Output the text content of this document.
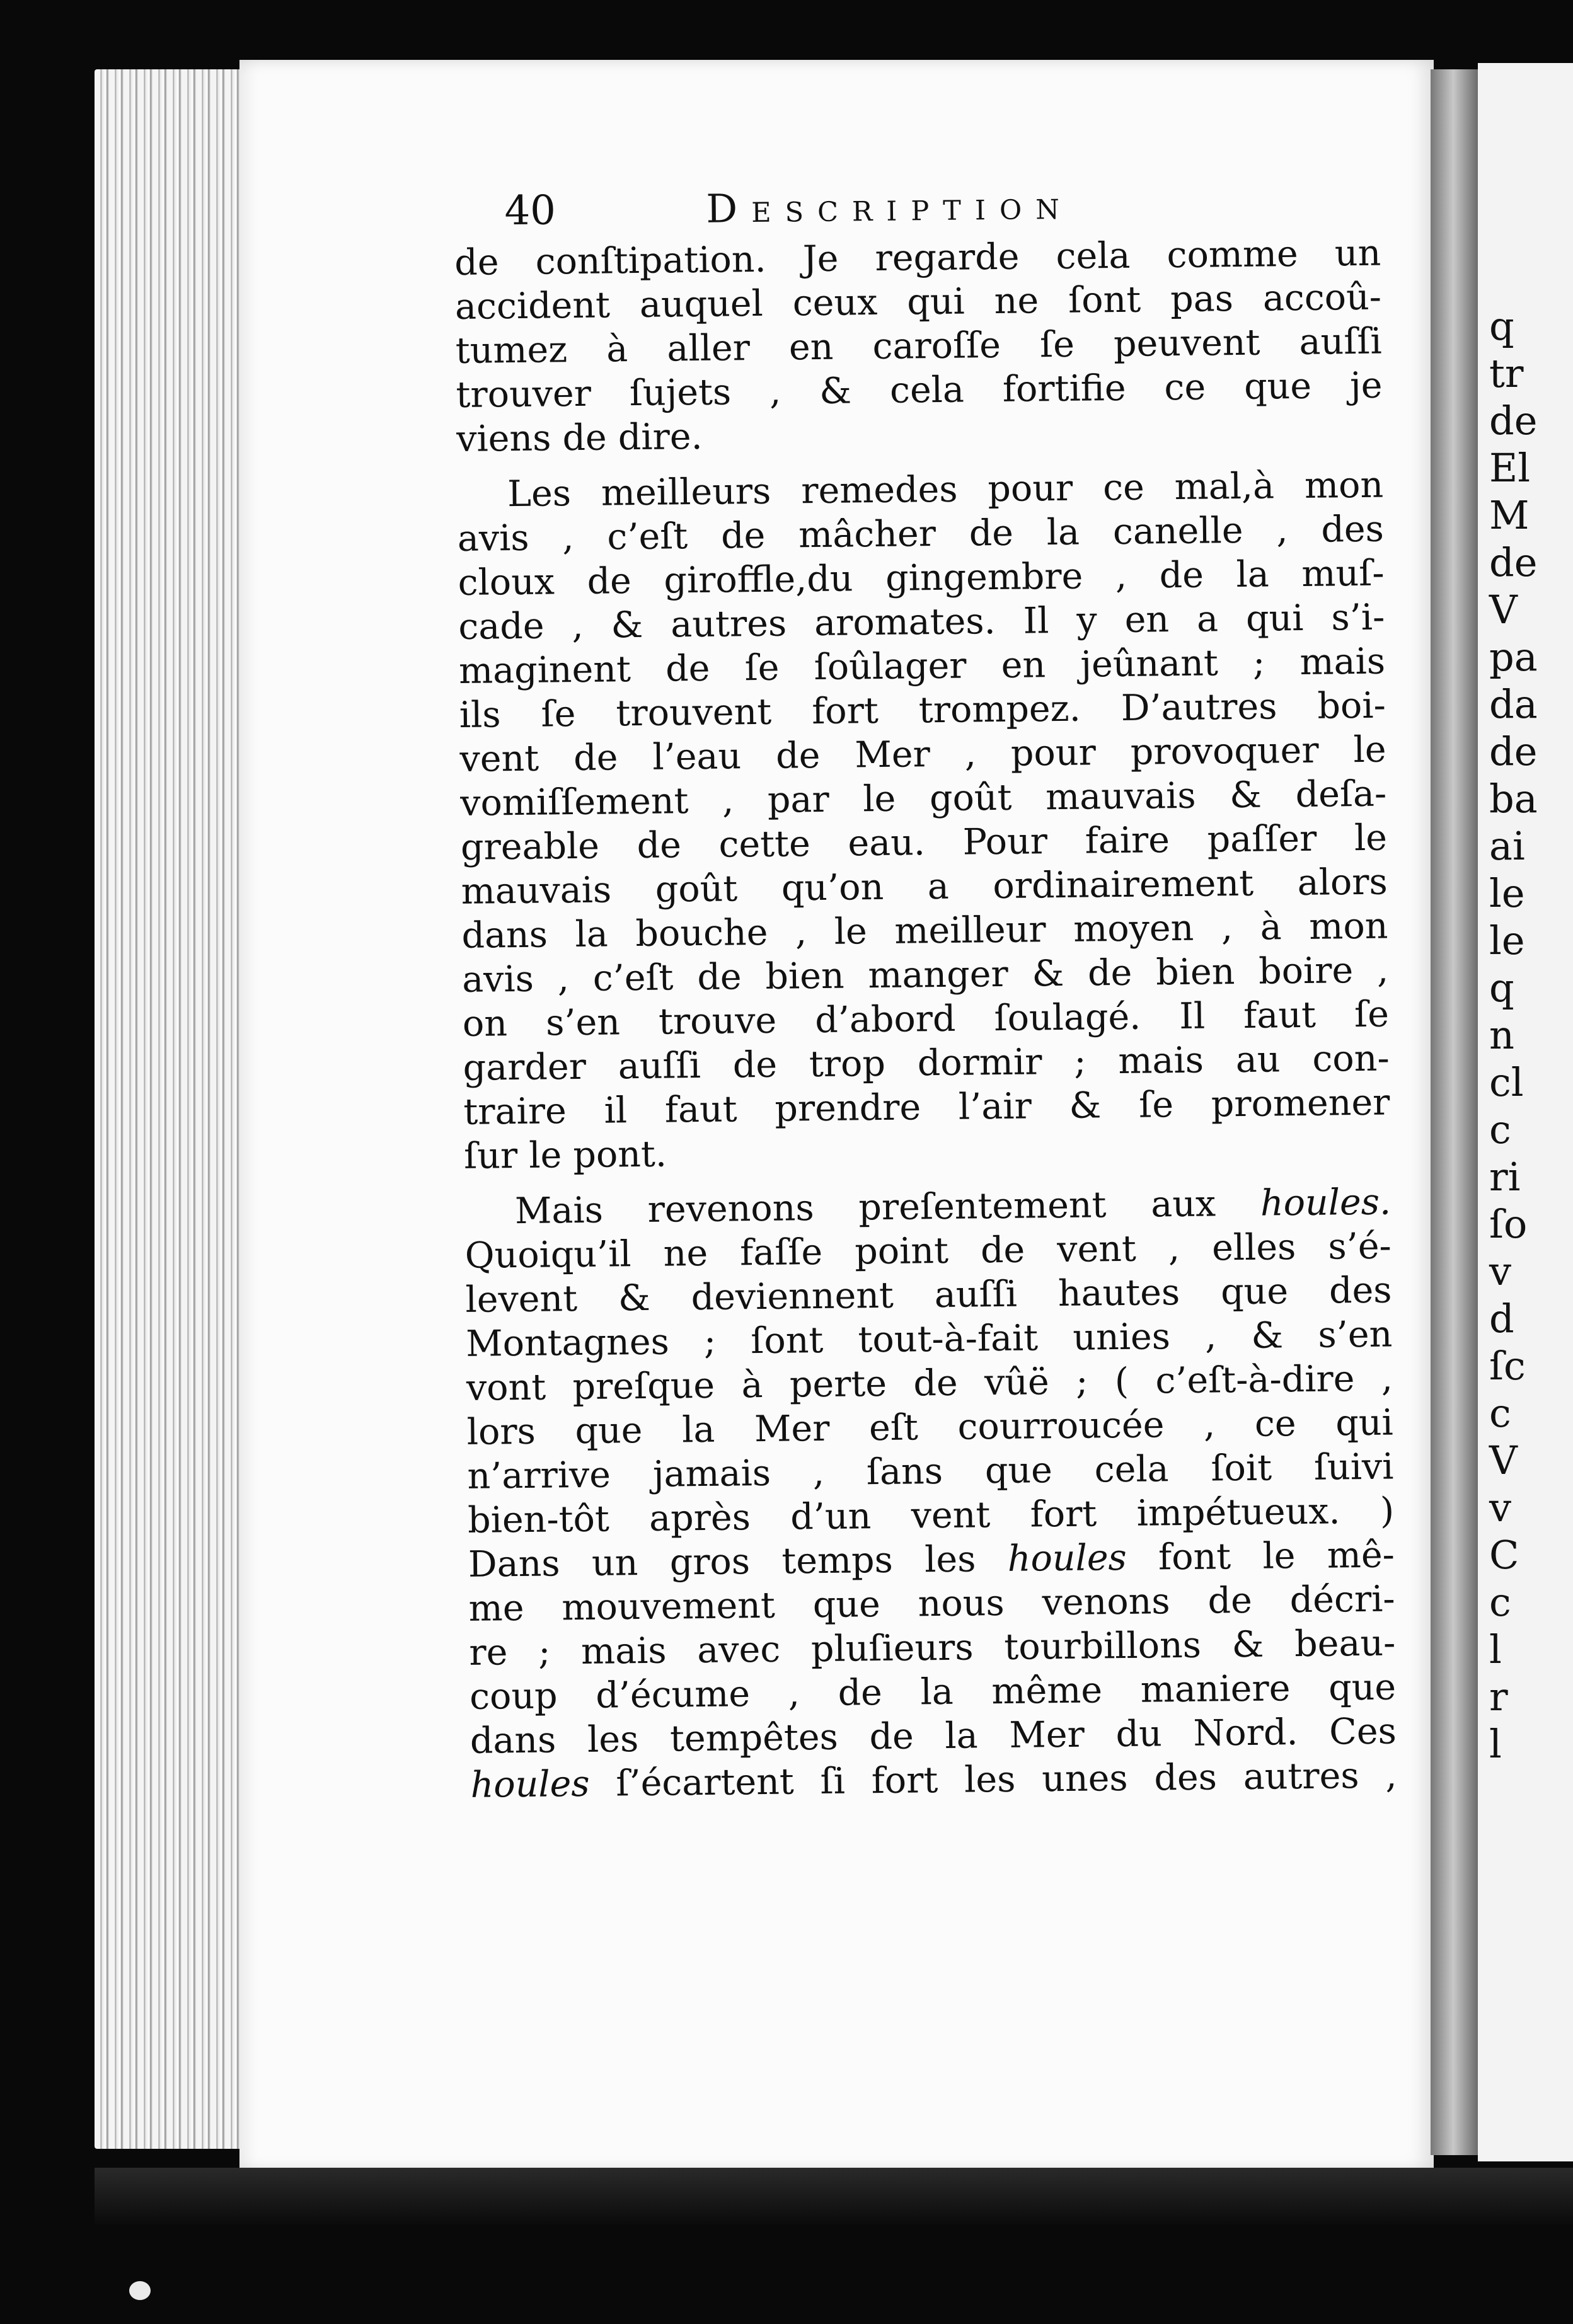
q
tr
de
El
M
de
V
pa
da
de
ba
ai
le
le
q
n
cl
c
ri
ſo
v
d
ſc
c
V
v
C
c
l
r
l
40	Description
de conſtipation. Je regarde cela comme un
accident auquel ceux qui ne ſont pas accoû-
tumez à aller en caroſſe ſe peuvent auſſi
trouver ſujets , & cela fortifie ce que je
viens de dire.
Les meilleurs remedes pour ce mal,à mon
avis , c’eſt de mâcher de la canelle , des
cloux de giroffle,du gingembre , de la muſ-
cade , & autres aromates. Il y en a qui s’i-
maginent de ſe ſoûlager en jeûnant ; mais
ils ſe trouvent fort trompez. D’autres boi-
vent de l’eau de Mer , pour provoquer le
vomiſſement , par le goût mauvais & deſa-
greable de cette eau. Pour faire paſſer le
mauvais goût qu’on a ordinairement alors
dans la bouche , le meilleur moyen , à mon
avis , c’eſt de bien manger & de bien boire ,
on s’en trouve d’abord ſoulagé. Il faut ſe
garder auſſi de trop dormir ; mais au con-
traire il faut prendre l’air & ſe promener
ſur le pont.
Mais revenons preſentement aux houles.
Quoiqu’il ne faſſe point de vent , elles s’é-
levent & deviennent auſſi hautes que des
Montagnes ; ſont tout-à-fait unies , & s’en
vont preſque à perte de vûë ; ( c’eſt-à-dire ,
lors que la Mer eſt courroucée , ce qui
n’arrive jamais , ſans que cela ſoit ſuivi
bien-tôt après d’un vent fort impétueux. )
Dans un gros temps les houles font le mê-
me mouvement que nous venons de décri-
re ; mais avec pluſieurs tourbillons & beau-
coup d’écume , de la même maniere que
dans les tempêtes de la Mer du Nord. Ces
houles ſ’écartent ſi fort les unes des autres ,
